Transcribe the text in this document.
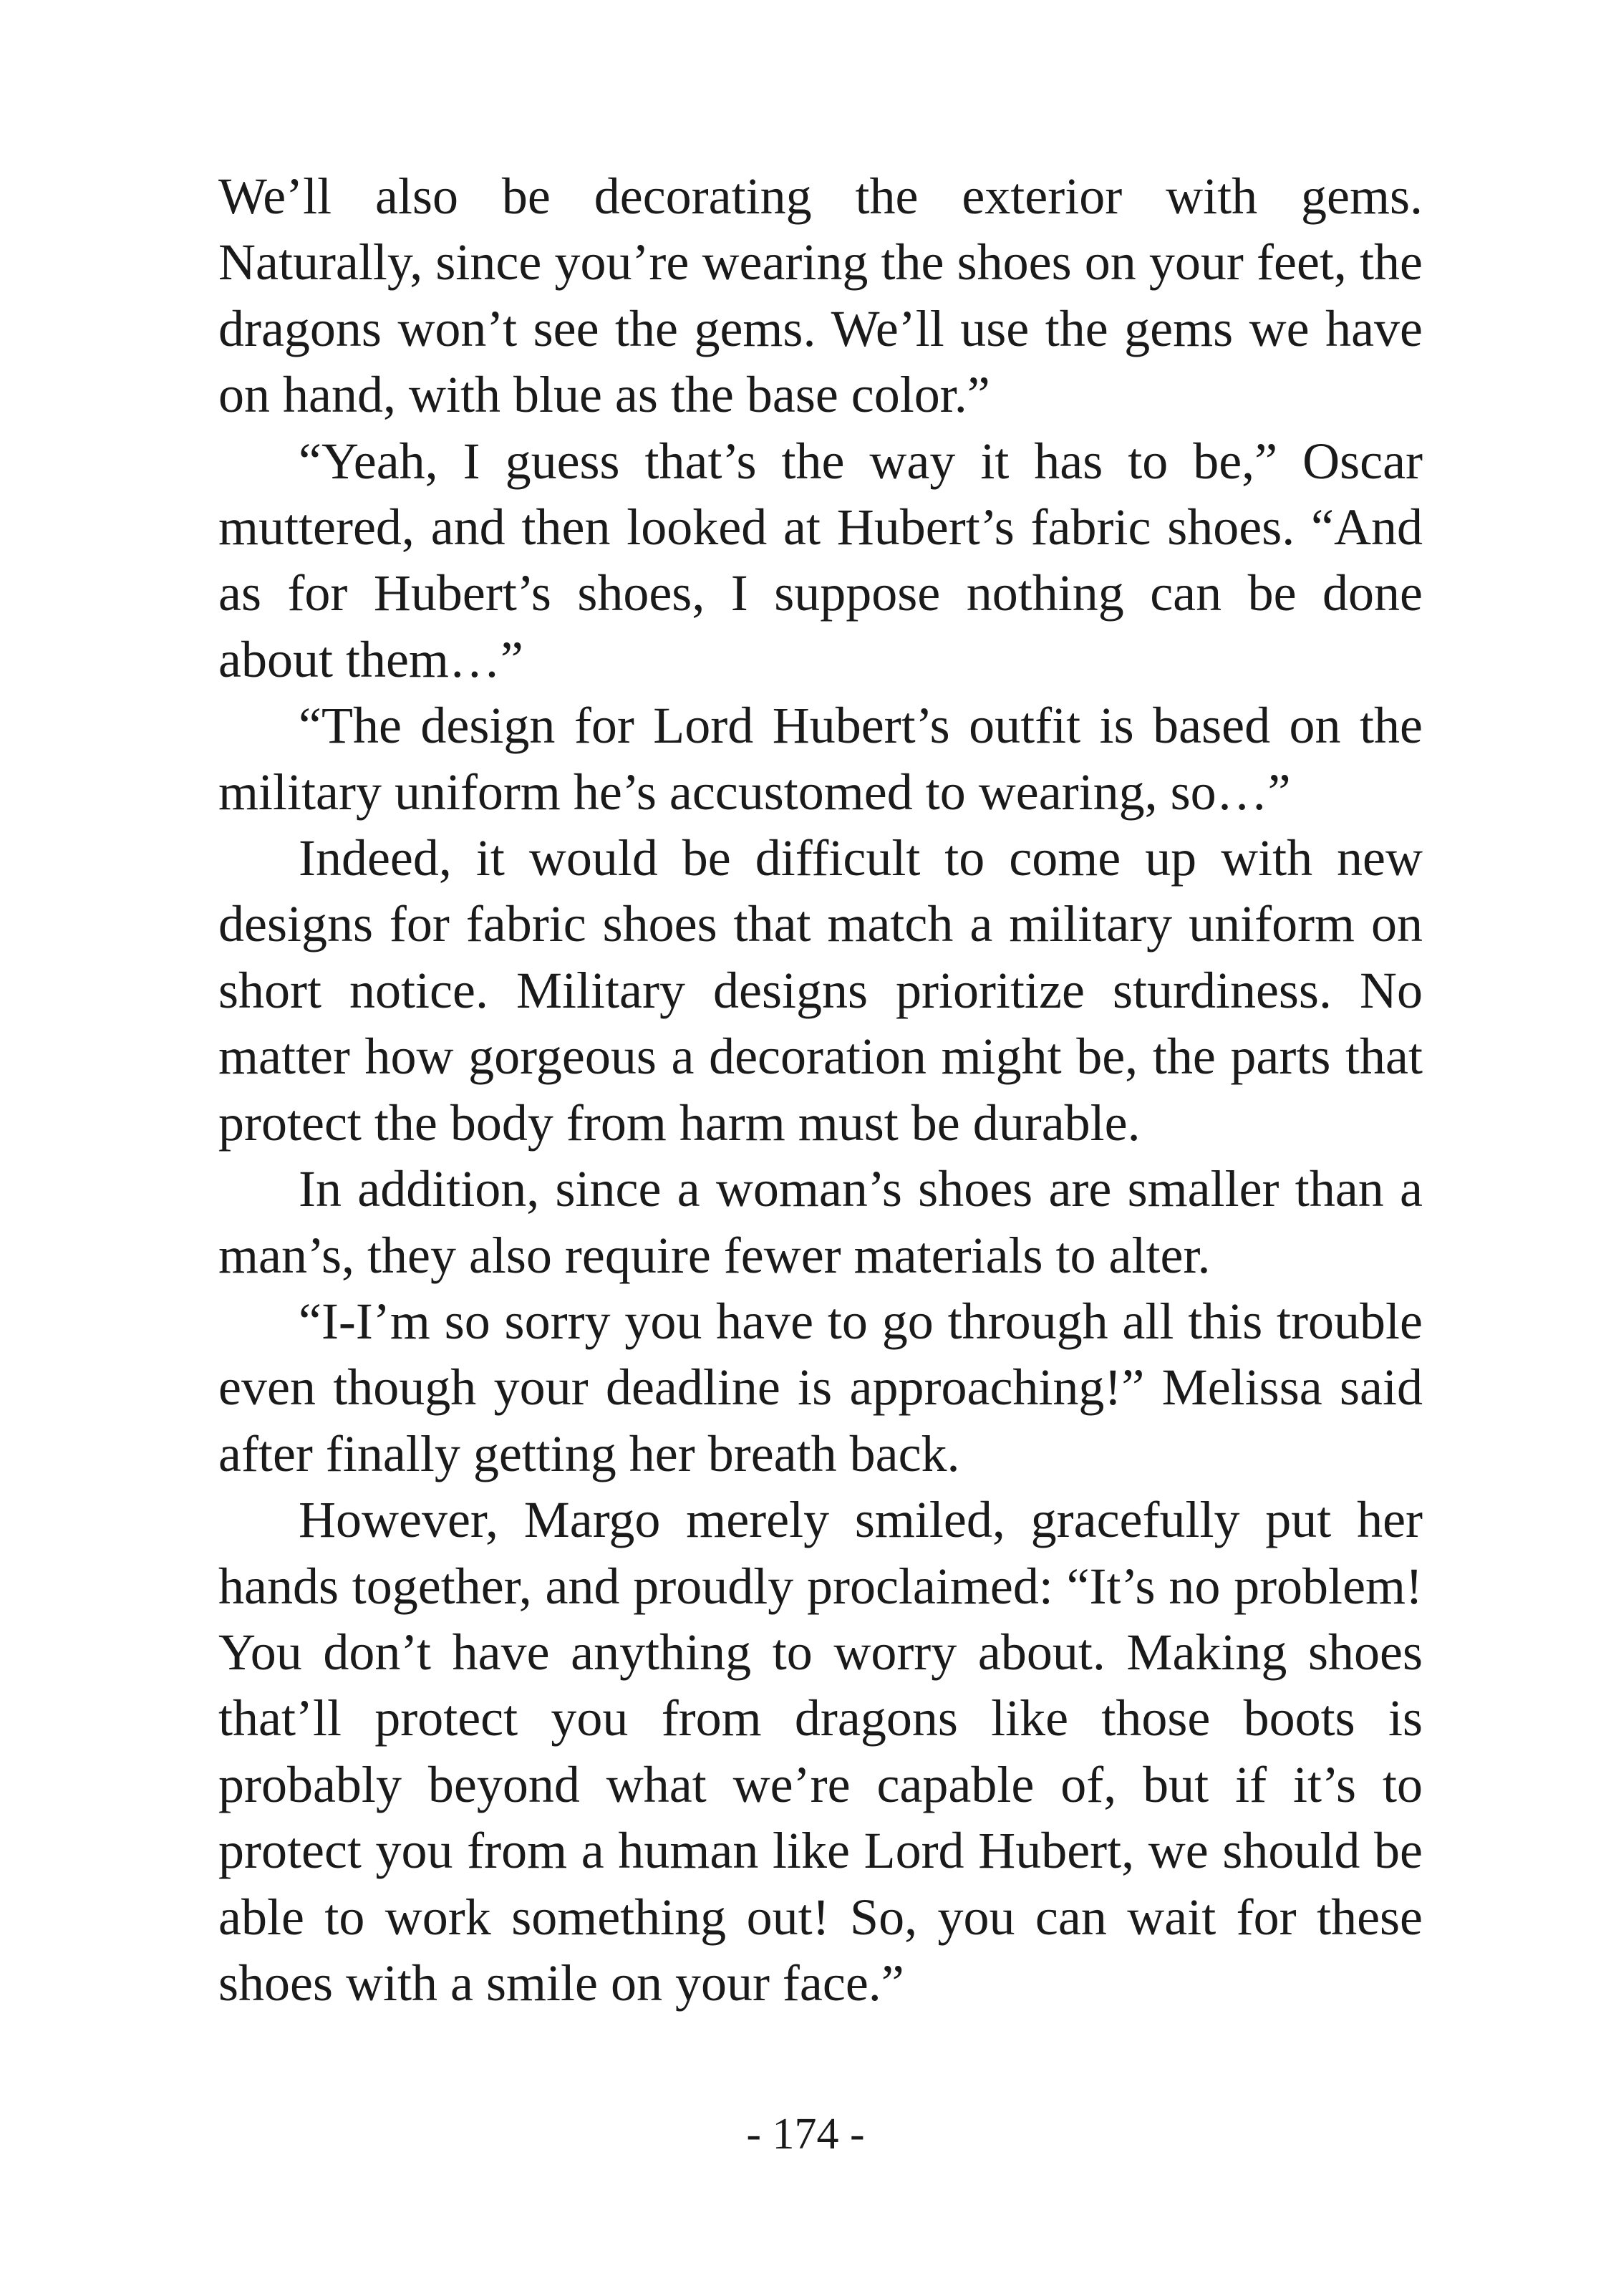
We’ll also be decorating the exterior with gems. Naturally, since you’re wearing the shoes on your feet, the dragons won’t see the gems. We’ll use the gems we have on hand, with blue as the base color.”

“Yeah, I guess that’s the way it has to be,” Oscar muttered, and then looked at Hubert’s fabric shoes. “And as for Hubert’s shoes, I suppose nothing can be done about them…”

“The design for Lord Hubert’s outfit is based on the military uniform he’s accustomed to wearing, so…”

Indeed, it would be difficult to come up with new designs for fabric shoes that match a military uniform on short notice. Military designs prioritize sturdiness. No matter how gorgeous a decoration might be, the parts that protect the body from harm must be durable.

In addition, since a woman’s shoes are smaller than a man’s, they also require fewer materials to alter.

“I-I’m so sorry you have to go through all this trouble even though your deadline is approaching!” Melissa said after finally getting her breath back.

However, Margo merely smiled, gracefully put her hands together, and proudly proclaimed: “It’s no problem! You don’t have anything to worry about. Making shoes that’ll protect you from dragons like those boots is probably beyond what we’re capable of, but if it’s to protect you from a human like Lord Hubert, we should be able to work something out! So, you can wait for these shoes with a smile on your face.”

- 174 -
